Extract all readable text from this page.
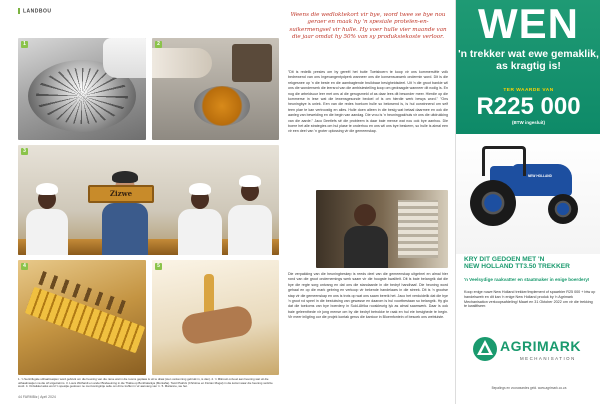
LANDBOU
1	2
Zizwe
3
4	5
1. 'n Sentrifugale uithaalmasjien word gebruik om die heuning van die rame wat in die rooms geplaas is uit te draai (sien verkenning gebruik in, is dan). 2. 'n Mikrouit ontvoel aan heuning wat uit die uithaalmasjien na die sif uitgetrekt is. 3. Louis Wolhardt en ander Brabeeining in die Thaba op Bonthalanlya (Montaña). Tamil Patrick (Christine en Florian Mugai) in die koloni waar die heuning verkrite word. 4. Ontwikkel asks word 'n spesijte gedoven ne met koningintje selle om dit te treffen in vir aanvang van 'n. 5. Marianne, we het.
44 FARMBiz | April 2024
Weens die wedloktekort vir bye, word twee se bye nou geraer en maak hy 'n spesiale proteïen-en-suikermengsel vir hulle. Hy voer hulle vier maande van die jaar omdat hy 50% van sy produksiekoste verloor.
"Dit is redelik presies om by gereël het buite Toetsboern te koop vir ons kommersiële volk bedrewend van ons Ingevangentydperk wanneer ons die konsensuswerk ondermin word. Dit is die rekgesnee op 'n die beste en die aambagtende bruikbaar besigheidsdeel. Uit 'n die groot bankie wil ons die wonderwerk die leersrol van die ambisiestelling koop om gedraagde wanneer dit nodig is. En nog die arbeidsuur leer met ons al die gerugsmeld of as daar lees dit besonder meer. Hierdie op die kommerse in lese wat die lewensgesonde bedoel of is om hierdie werk bewys word." "Ons heuningbye is uniek. Een van die redes hoekom hulle so belowend is, is hul oorwinnend om self teen plae te kan vertroostig en alles. Hulle doen alleen in die besig wat betaal daarmee en ook die aanleg van beweiding en die begin van aandag. Die vrou is 'n heuningpakhuis vir ons die uitdrukking van die aarde." Jaco Deetlefs sê die probleem is daar baie mense wat nou ook bye aanhou. Die boere het alle strategies om hul plase te onderhou en ons wil ons bye beskerm, so hulle is almal een vir een deel van 'n groter oplossing vir die gemeenskap.
Die verpakking van die heuningbeskep is reeds deel van die gemeenskap uitgebrei en almal hier rond van die groot ondernemings werk saam vir die hoogste kwaliteit. Dit is baie belangrik dat die bye die regte sorg ontvang en dat ons die standaarde in die bedryf handhaaf. Die heuning word gehaal en op die mark gebring en verkoop vir bekende handelaars in die streek. Dit is 'n grootse stap vir die gemeenskap en ons is trots op wat ons saam bereik het. Jaco het verduidelik dat die bye 'n groot rol speel in die bestuiwing van gewasse en daarom is hul voortbestaan so belangrik. Hy glo dat die toekoms van bye boerdery in Suid-Afrika rooskleurig lyk as almal saamwerk. Daar is ook baie geleenthede vir jong mense om by die bedryf betrokke te raak en hul eie besighede te begin. Vir meer inligting oor die projek kontak gerus die kantoor in Bloemfontein of besoek ons webtuiste.
WEN
'n trekker wat ewe gemaklik, as kragtig is!
TER WAARDE VAN
R225 000
(BTW ingesluit)
NEW HOLLAND
KRY DIT GEDOEN MET 'N
NEW HOLLAND TT3.50 TREKKER
'n Veelsydige raakvatter en staatmaker in enige boerdery!
Koop enige nuwe New Holland trekker/implement of spaarbier R25 000 + btw op handelsweb en dit kan 'n enige New Holland produk by 'n Agrimark Mechanisation verkoopsafdeling! Maart en 31 Oktober 2022 om vir die trekking te kwalifiseer.
AGRIMARK
MECHANISATION
Bepalings en voorwaardes geld. www.agrimark.co.za
